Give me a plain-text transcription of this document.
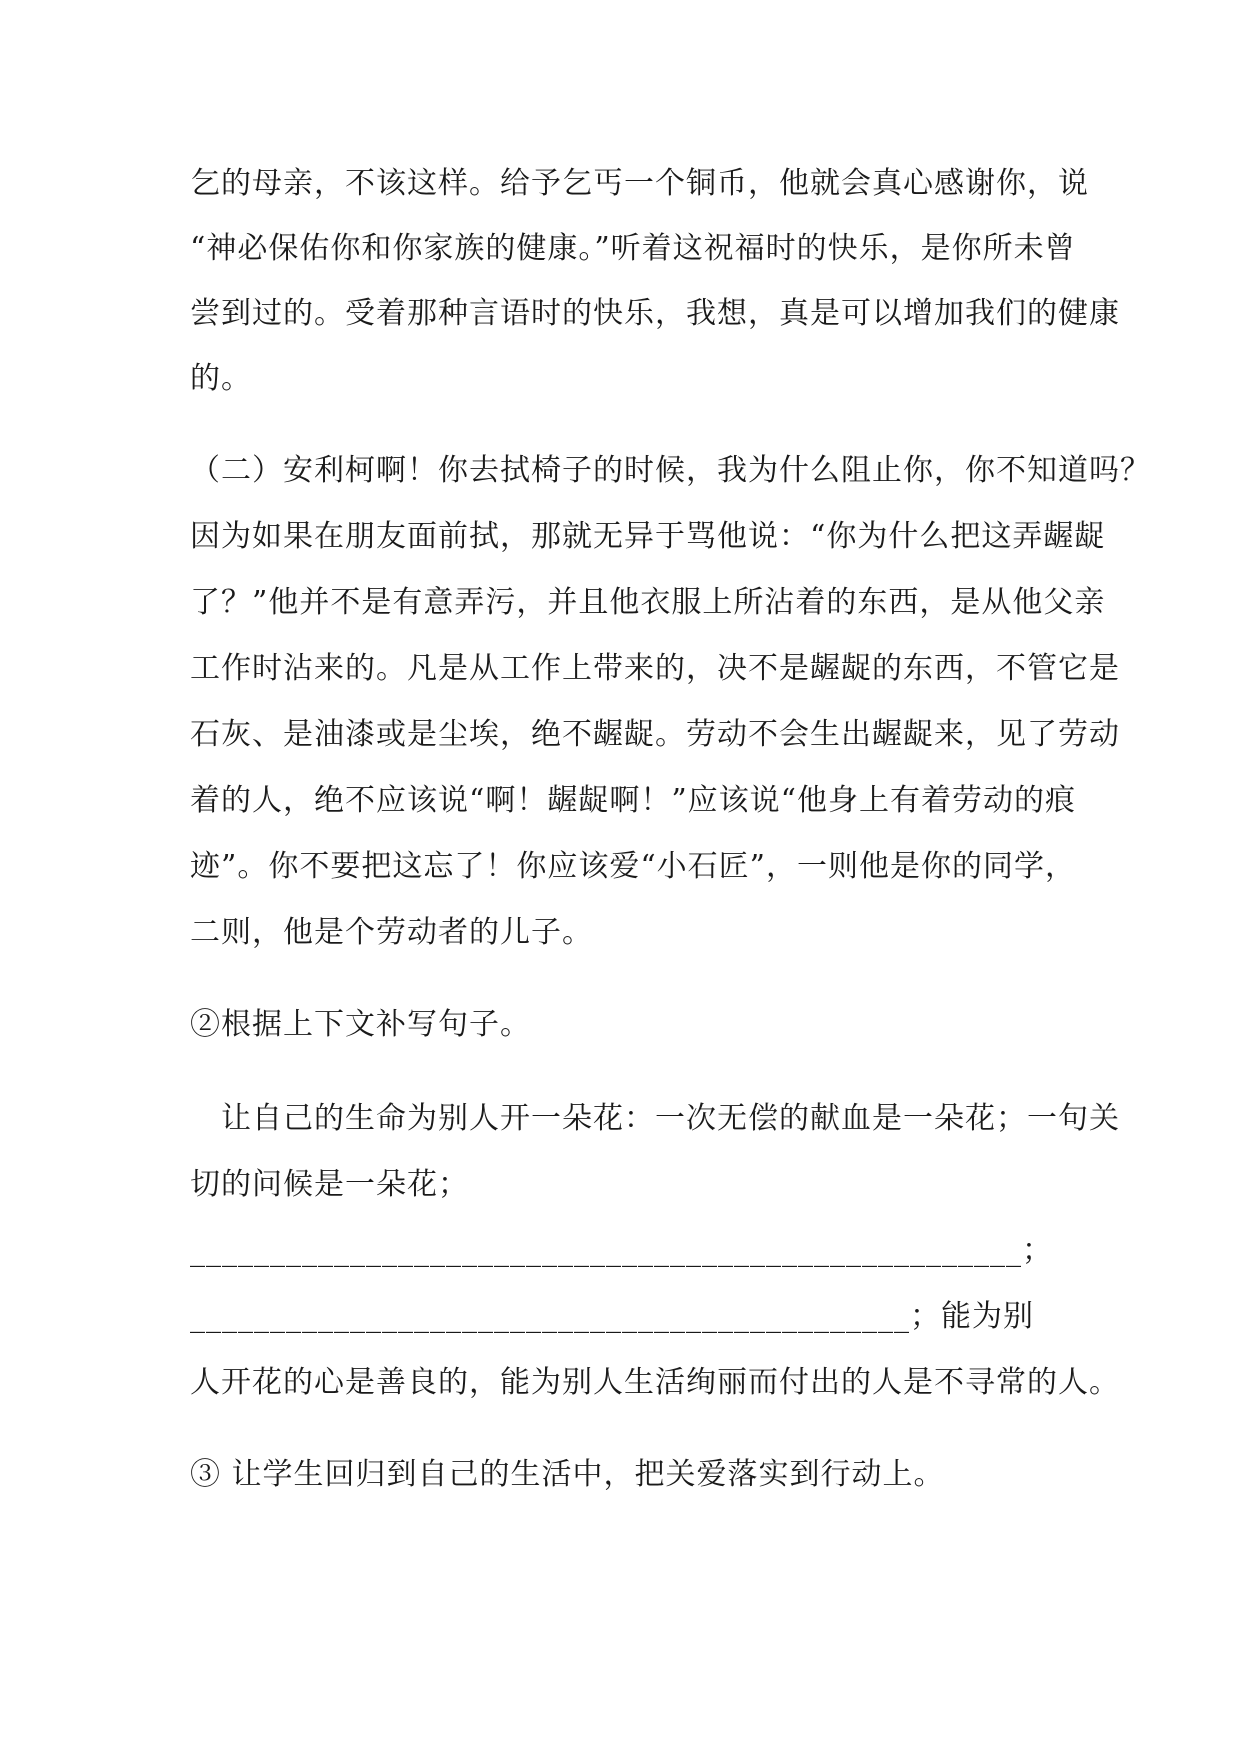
乞的母亲，不该这样。给予乞丐一个铜币，他就会真心感谢你，说
“神必保佑你和你家族的健康。”听着这祝福时的快乐，是你所未曾
尝到过的。受着那种言语时的快乐，我想，真是可以增加我们的健康
的。
（二）安利柯啊！你去拭椅子的时候，我为什么阻止你，你不知道吗？
因为如果在朋友面前拭，那就无异于骂他说：“你为什么把这弄龌龊
了？”他并不是有意弄污，并且他衣服上所沾着的东西，是从他父亲
工作时沾来的。凡是从工作上带来的，决不是龌龊的东西，不管它是
石灰、是油漆或是尘埃，绝不龌龊。劳动不会生出龌龊来，见了劳动
着的人，绝不应该说“啊！龌龊啊！”应该说“他身上有着劳动的痕
迹”。你不要把这忘了！你应该爱“小石匠”，一则他是你的同学，
二则，他是个劳动者的儿子。
②根据上下文补写句子。
　让自己的生命为别人开一朵花：一次无偿的献血是一朵花；一句关
切的问候是一朵花；
____________________________________________________；
_____________________________________________；能为别
人开花的心是善良的，能为别人生活绚丽而付出的人是不寻常的人。
③ 让学生回归到自己的生活中，把关爱落实到行动上。
